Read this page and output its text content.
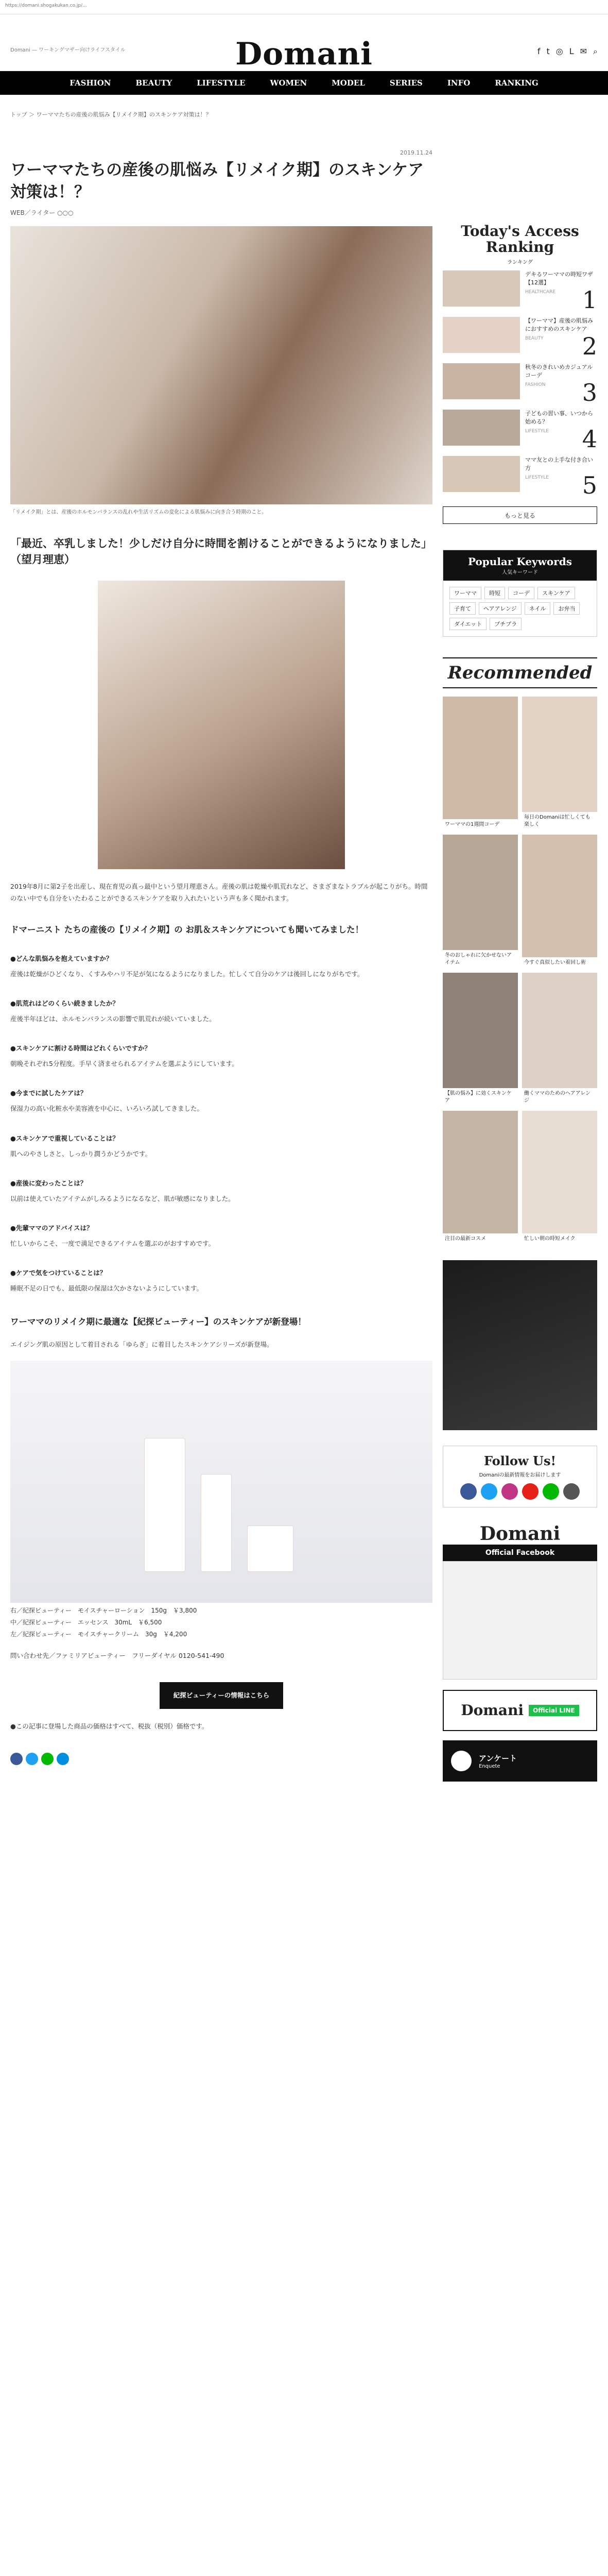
https://domani.shogakukan.co.jp/...
Domani — ワーキングマザー向けライフスタイル	Domani	f t ◎ L ✉ ⌕
FASHION	BEAUTY	LIFESTYLE	WOMEN	MODEL	SERIES	INFO	RANKING
トップ ＞ ワーママたちの産後の肌悩み【リメイク期】のスキンケア対策は！？
2019.11.24
ワーママたちの産後の肌悩み【リメイク期】のスキンケア対策は！？
WEB／ライター ○○○
「リメイク期」とは、産後のホルモンバランスの乱れや生活リズムの変化による肌悩みに向き合う時期のこと。
「最近、卒乳しました！少しだけ自分に時間を割けることができるようになりました」（望月理恵）
2019年8月に第2子を出産し、現在育児の真っ最中という望月理恵さん。産後の肌は乾燥や肌荒れなど、さまざまなトラブルが起こりがち。時間のない中でも自分をいたわることができるスキンケアを取り入れたいという声も多く聞かれます。
ドマーニスト たちの産後の【リメイク期】の お肌＆スキンケアについても聞いてみました！
●どんな肌悩みを抱えていますか？
産後は乾燥がひどくなり、くすみやハリ不足が気になるようになりました。忙しくて自分のケアは後回しになりがちです。
●肌荒れはどのくらい続きましたか？
産後半年ほどは、ホルモンバランスの影響で肌荒れが続いていました。
●スキンケアに割ける時間はどれくらいですか？
朝晩それぞれ5分程度。手早く済ませられるアイテムを選ぶようにしています。
●今までに試したケアは？
保湿力の高い化粧水や美容液を中心に、いろいろ試してきました。
●スキンケアで重視していることは？
肌へのやさしさと、しっかり潤うかどうかです。
●産後に変わったことは？
以前は使えていたアイテムがしみるようになるなど、肌が敏感になりました。
●先輩ママのアドバイスは？
忙しいからこそ、一度で満足できるアイテムを選ぶのがおすすめです。
●ケアで気をつけていることは？
睡眠不足の日でも、最低限の保湿は欠かさないようにしています。
ワーママのリメイク期に最適な【紀探ビューティー】のスキンケアが新登場！
エイジング肌の原因として着目される「ゆらぎ」に着目したスキンケアシリーズが新登場。
右／紀探ビューティー　モイスチャーローション　150g　￥3,800
中／紀探ビューティー　エッセンス　30mL　￥6,500
左／紀探ビューティー　モイスチャークリーム　30g　￥4,200
問い合わせ先／ファミリアビューティー　フリーダイヤル 0120-541-490
紀探ビューティーの情報はこちら
●この記事に登場した商品の価格はすべて、税抜（税別）価格です。
Today's Access Ranking
ランキング
デキるワーママの時短ワザ【12選】
HEALTHCARE	1
【ワーママ】産後の肌悩みにおすすめのスキンケア
BEAUTY	2
秋冬のきれいめカジュアルコーデ
FASHION	3
子どもの習い事、いつから始める？
LIFESTYLE	4
ママ友との上手な付き合い方
LIFESTYLE	5
もっと見る
Popular Keywords
人気キーワード
ワーママ	時短	コーデ	スキンケア
子育て	ヘアアレンジ	ネイル	お弁当
ダイエット	プチプラ
Recommended
ワーママの1週間コーデ
毎日のDomaniは忙しくても楽しく
冬のおしゃれに欠かせないアイテム	今すぐ真似したい着回し術
【肌の悩み】に効くスキンケア
働くママのためのヘアアレンジ
注目の最新コスメ	忙しい朝の時短メイク
Follow Us!
Domaniの最新情報をお届けします
Domani
Official Facebook
Domani	Official LINE
アンケート
Enquete
